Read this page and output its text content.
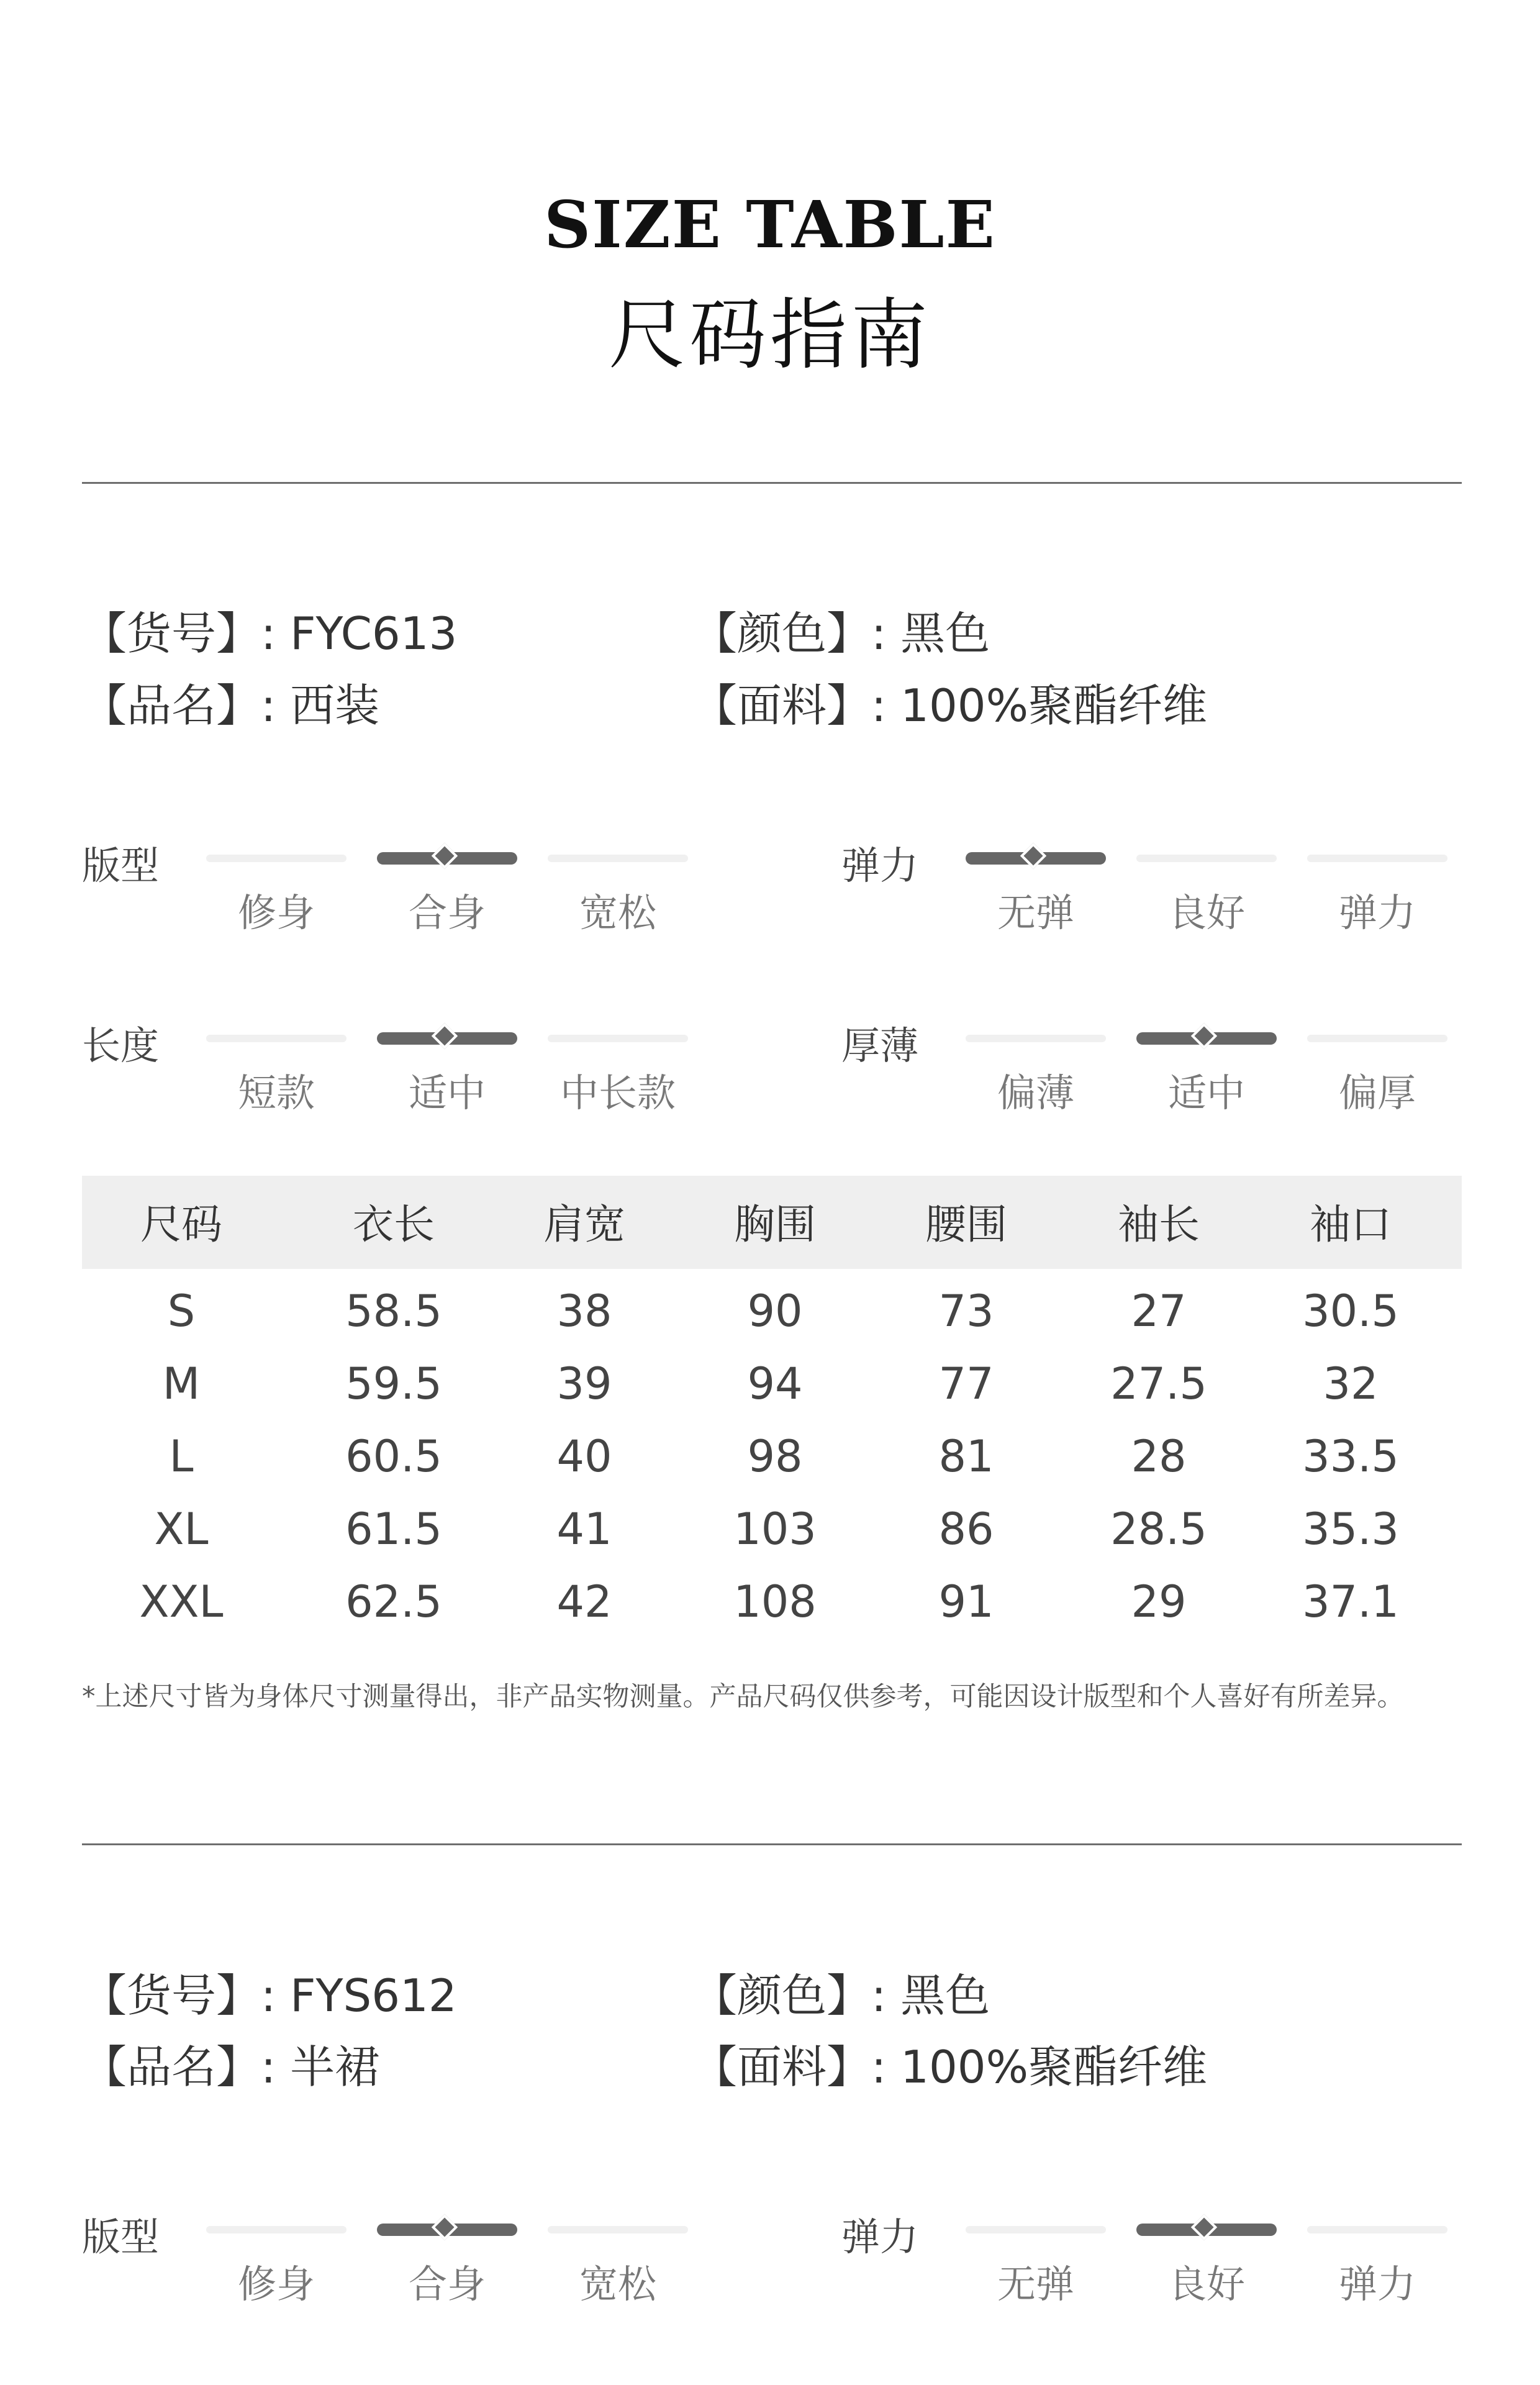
SIZE TABLE
尺码指南
【货号】: FYC613	【颜色】: 黑色
【品名】: 西装	【面料】: 100%聚酯纤维
版型
修身	合身	宽松
弹力
无弹	良好	弹力
长度
短款	适中	中长款
厚薄
偏薄	适中	偏厚
尺码	衣长	肩宽	胸围	腰围	袖长	袖口
S	58.5	38	90	73	27	30.5
M	59.5	39	94	77	27.5	32
L	60.5	40	98	81	28	33.5
XL	61.5	41	103	86	28.5	35.3
XXL	62.5	42	108	91	29	37.1
*上述尺寸皆为身体尺寸测量得出，非产品实物测量。产品尺码仅供参考，可能因设计版型和个人喜好有所差异。
【货号】: FYS612	【颜色】: 黑色
【品名】: 半裙	【面料】: 100%聚酯纤维
版型
修身	合身	宽松
弹力
无弹	良好	弹力
